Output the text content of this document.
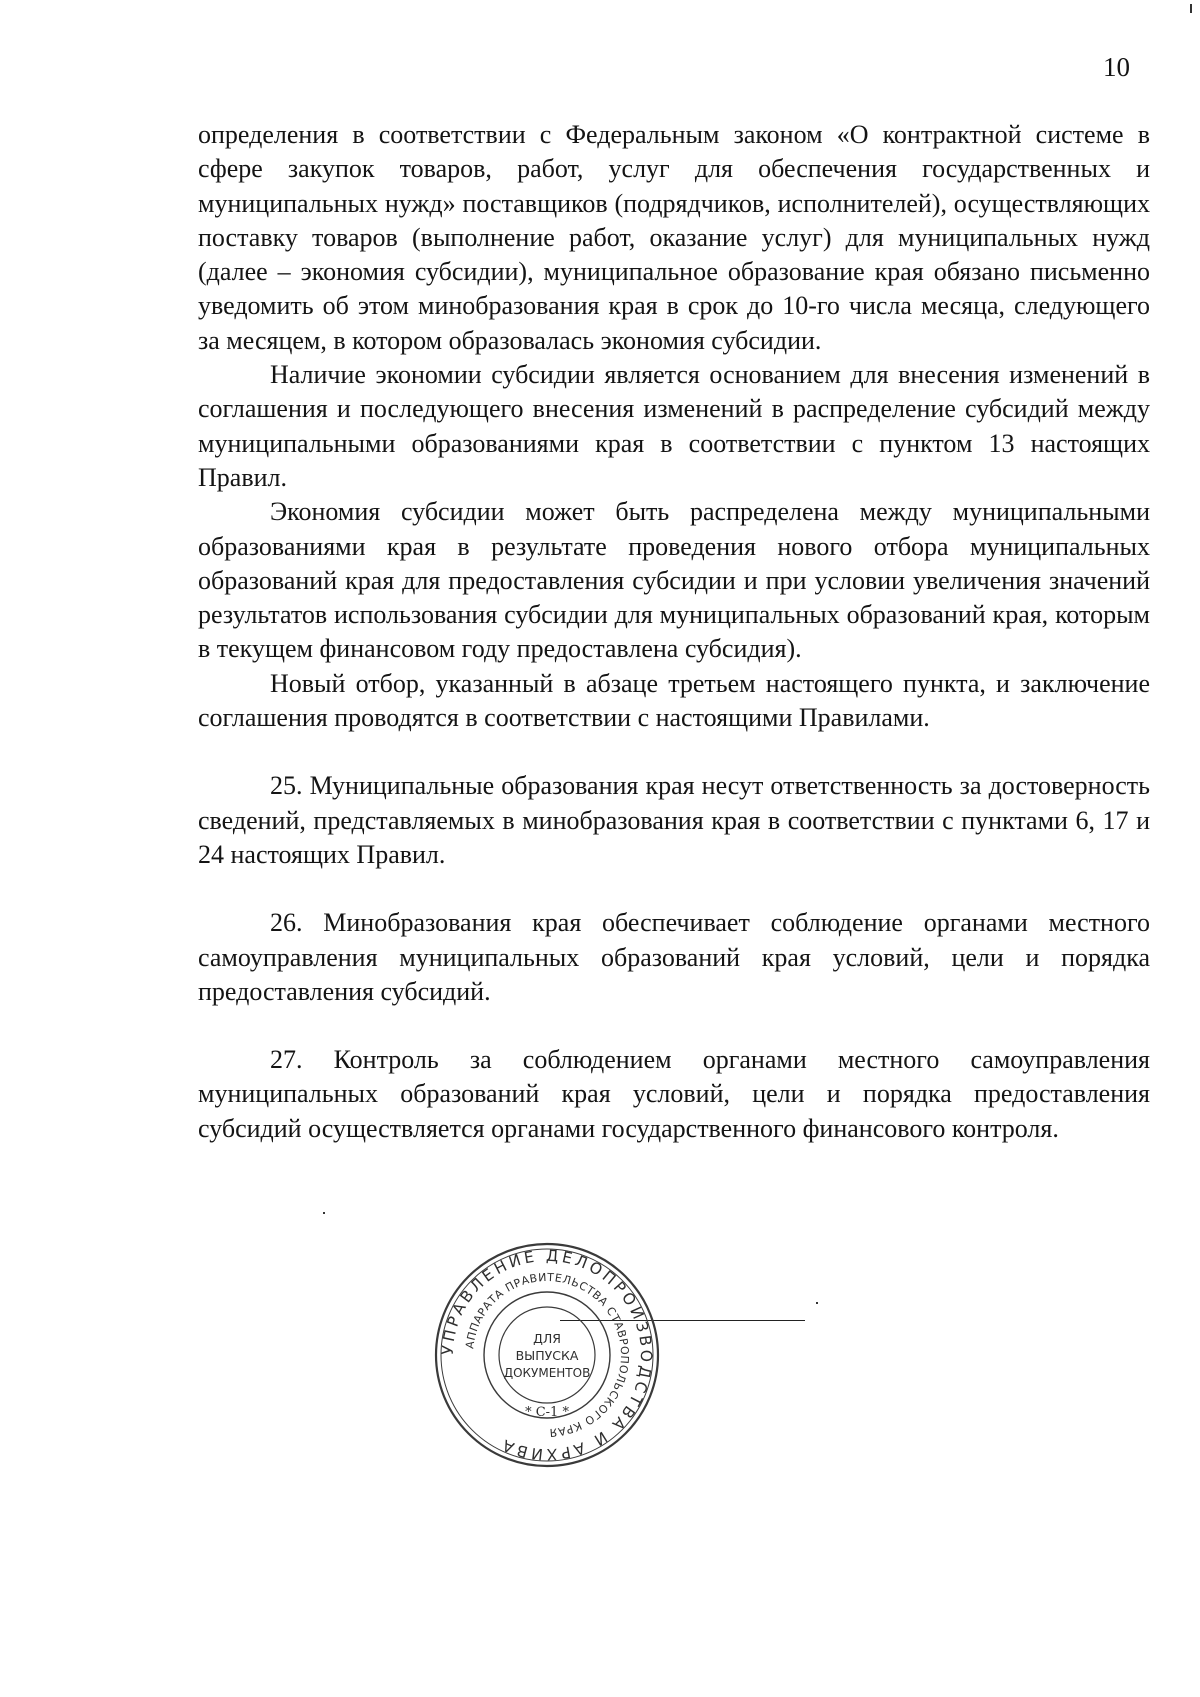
10

определения в соответствии с Федеральным законом «О контрактной системе в сфере закупок товаров, работ, услуг для обеспечения государственных и муниципальных нужд» поставщиков (подрядчиков, исполнителей), осуществляющих поставку товаров (выполнение работ, оказание услуг) для муниципальных нужд (далее – экономия субсидии), муниципальное образование края обязано письменно уведомить об этом минобразования края в срок до 10-го числа месяца, следующего за месяцем, в котором образовалась экономия субсидии.

Наличие экономии субсидии является основанием для внесения изменений в соглашения и последующего внесения изменений в распределение субсидий между муниципальными образованиями края в соответствии с пунктом 13 настоящих Правил.

Экономия субсидии может быть распределена между муниципальными образованиями края в результате проведения нового отбора муниципальных образований края для предоставления субсидии и при условии увеличения значений результатов использования субсидии для муниципальных образований края, которым в текущем финансовом году предоставлена субсидия).

Новый отбор, указанный в абзаце третьем настоящего пункта, и заключение соглашения проводятся в соответствии с настоящими Правилами.

25. Муниципальные образования края несут ответственность за достоверность сведений, представляемых в минобразования края в соответствии с пунктами 6, 17 и 24 настоящих Правил.

26. Минобразования края обеспечивает соблюдение органами местного самоуправления муниципальных образований края условий, цели и порядка предоставления субсидий.

27. Контроль за соблюдением органами местного самоуправления муниципальных образований края условий, цели и порядка предоставления субсидий осуществляется органами государственного финансового контроля.

УПРАВЛЕНИЕ ДЕЛОПРОИЗВОДСТВА И АРХИВА
АППАРАТА ПРАВИТЕЛЬСТВА СТАВРОПОЛЬСКОГО КРАЯ
ДЛЯ
ВЫПУСКА
ДОКУМЕНТОВ
* С-1 *
